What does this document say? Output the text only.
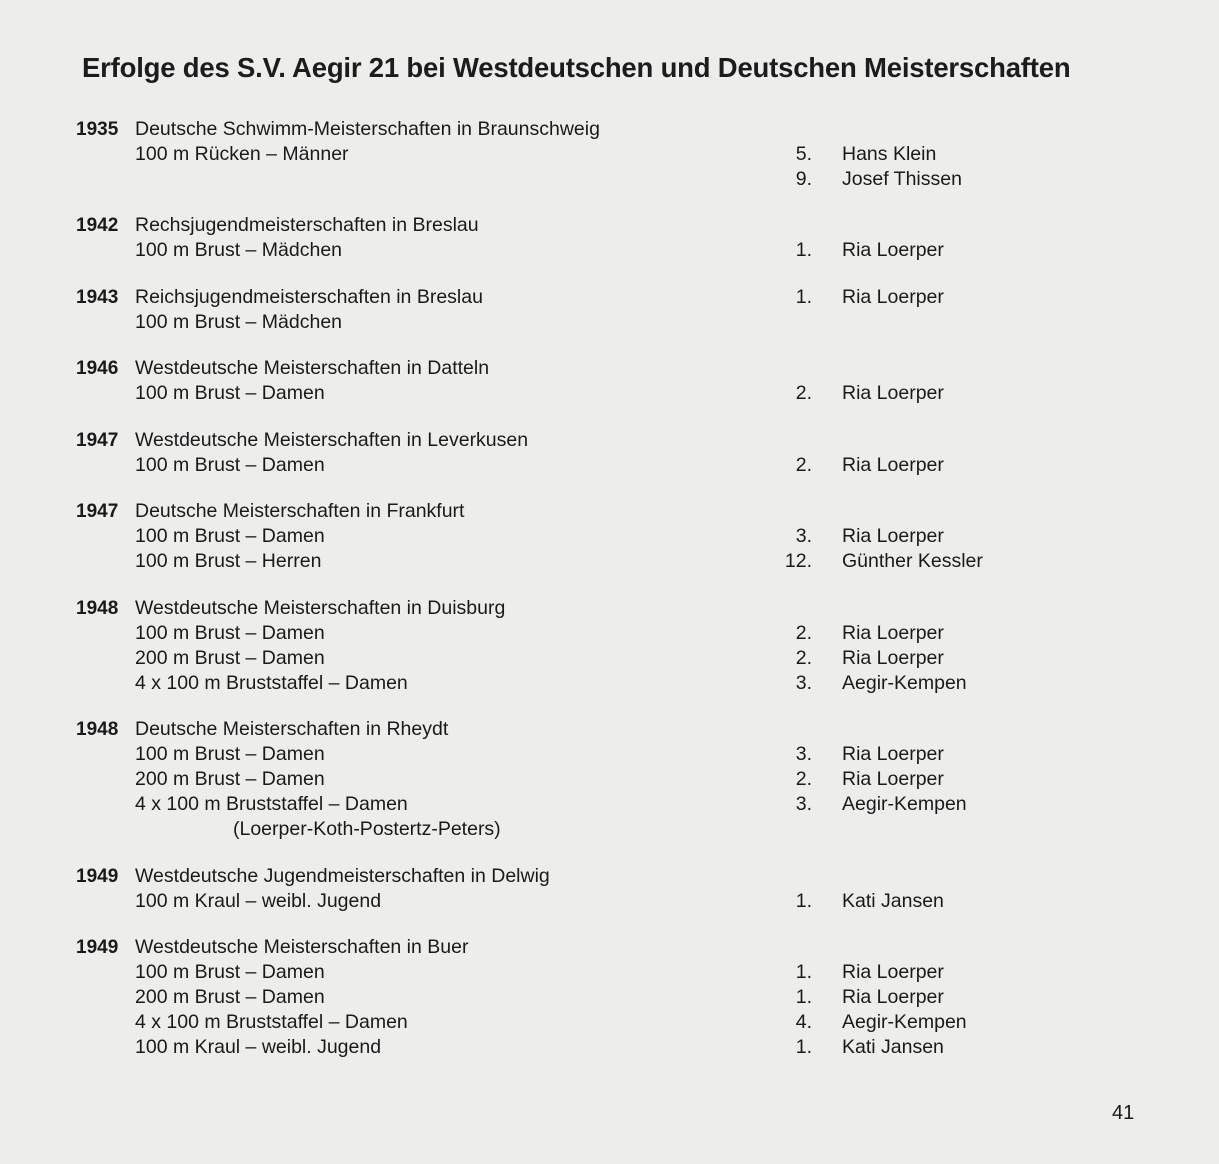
Erfolge des S.V. Aegir 21 bei Westdeutschen und Deutschen Meisterschaften
1935 Deutsche Schwimm-Meisterschaften in Braunschweig
100 m Rücken – Männer	5. Hans Klein
9. Josef Thissen
1942 Rechsjugendmeisterschaften in Breslau
100 m Brust – Mädchen	1. Ria Loerper
1943 Reichsjugendmeisterschaften in Breslau	1. Ria Loerper
100 m Brust – Mädchen
1946 Westdeutsche Meisterschaften in Datteln
100 m Brust – Damen	2. Ria Loerper
1947 Westdeutsche Meisterschaften in Leverkusen
100 m Brust – Damen	2. Ria Loerper
1947 Deutsche Meisterschaften in Frankfurt
100 m Brust – Damen	3. Ria Loerper
100 m Brust – Herren	12. Günther Kessler
1948 Westdeutsche Meisterschaften in Duisburg
100 m Brust – Damen	2. Ria Loerper
200 m Brust – Damen	2. Ria Loerper
4 x 100 m Bruststaffel – Damen	3. Aegir-Kempen
1948 Deutsche Meisterschaften in Rheydt
100 m Brust – Damen	3. Ria Loerper
200 m Brust – Damen	2. Ria Loerper
4 x 100 m Bruststaffel – Damen	3. Aegir-Kempen
(Loerper-Koth-Postertz-Peters)
1949 Westdeutsche Jugendmeisterschaften in Delwig
100 m Kraul – weibl. Jugend	1. Kati Jansen
1949 Westdeutsche Meisterschaften in Buer
100 m Brust – Damen	1. Ria Loerper
200 m Brust – Damen	1. Ria Loerper
4 x 100 m Bruststaffel – Damen	4. Aegir-Kempen
100 m Kraul – weibl. Jugend	1. Kati Jansen
41
